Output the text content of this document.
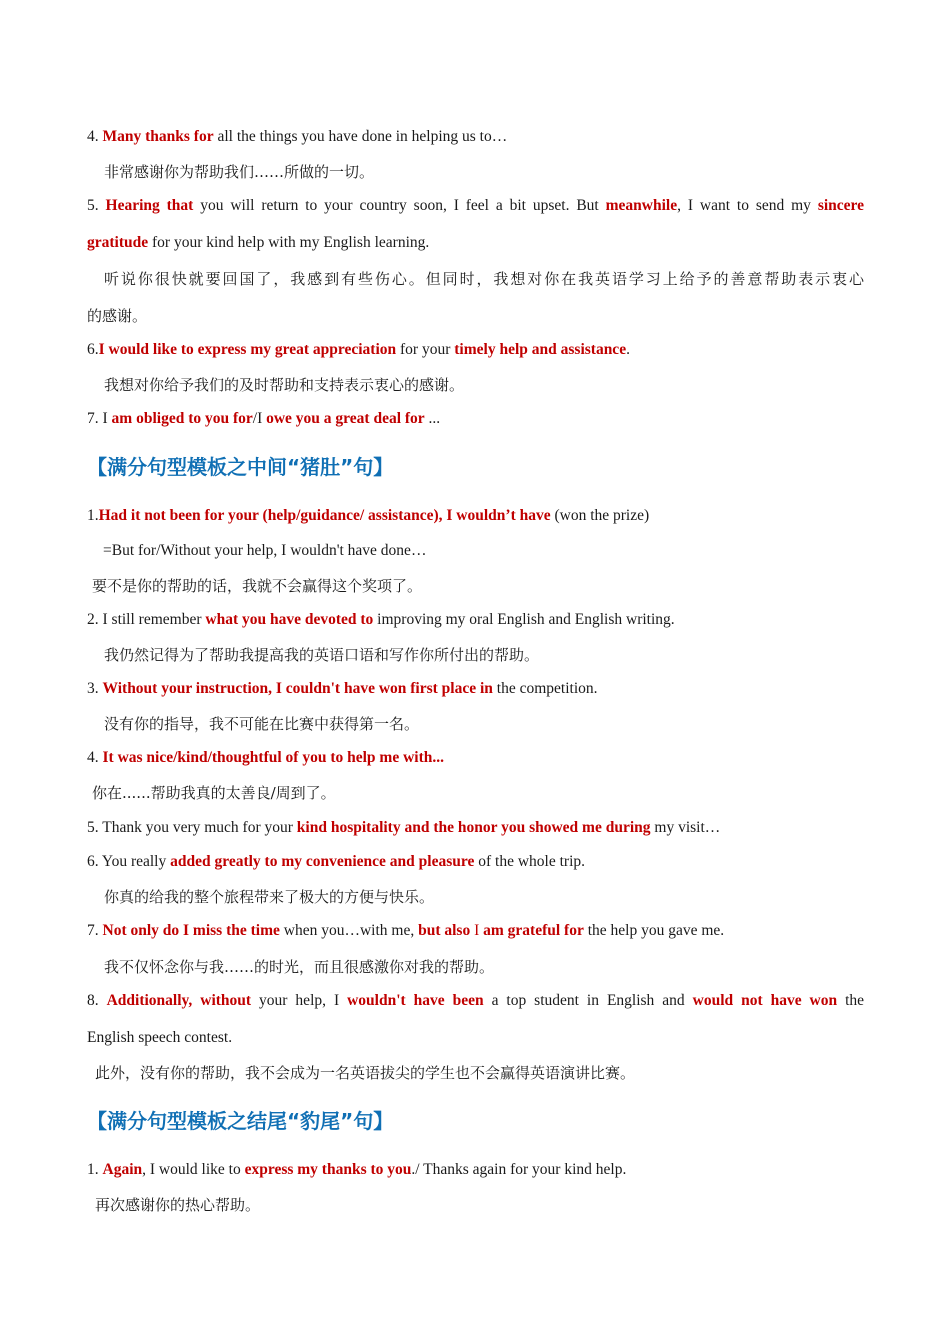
4. Many thanks for all the things you have done in helping us to…
非常感谢你为帮助我们……所做的一切。
5. Hearing that you will return to your country soon, I feel a bit upset. But meanwhile, I want to send my sincere
gratitude for your kind help with my English learning.
听说你很快就要回国了，我感到有些伤心。但同时，我想对你在我英语学习上给予的善意帮助表示衷心
的感谢。
6.I would like to express my great appreciation for your timely help and assistance.
我想对你给予我们的及时帮助和支持表示衷心的感谢。
7. I am obliged to you for/I owe you a great deal for ...
【满分句型模板之中间“猪肚”句】
1.Had it not been for your (help/guidance/ assistance), I wouldn’t have (won the prize)
=But for/Without your help, I wouldn't have done…
要不是你的帮助的话，我就不会赢得这个奖项了。
2. I still remember what you have devoted to improving my oral English and English writing.
我仍然记得为了帮助我提高我的英语口语和写作你所付出的帮助。
3. Without your instruction, I couldn't have won first place in the competition.
没有你的指导，我不可能在比赛中获得第一名。
4. It was nice/kind/thoughtful of you to help me with...
你在......帮助我真的太善良/周到了。
5. Thank you very much for your kind hospitality and the honor you showed me during my visit…
6. You really added greatly to my convenience and pleasure of the whole trip.
你真的给我的整个旅程带来了极大的方便与快乐。
7. Not only do I miss the time when you…with me, but also I am grateful for the help you gave me.
我不仅怀念你与我……的时光，而且很感激你对我的帮助。
8. Additionally, without your help, I wouldn't have been a top student in English and would not have won the
English speech contest.
此外，没有你的帮助，我不会成为一名英语拔尖的学生也不会赢得英语演讲比赛。
【满分句型模板之结尾“豹尾”句】
1. Again, I would like to express my thanks to you./ Thanks again for your kind help.
再次感谢你的热心帮助。
